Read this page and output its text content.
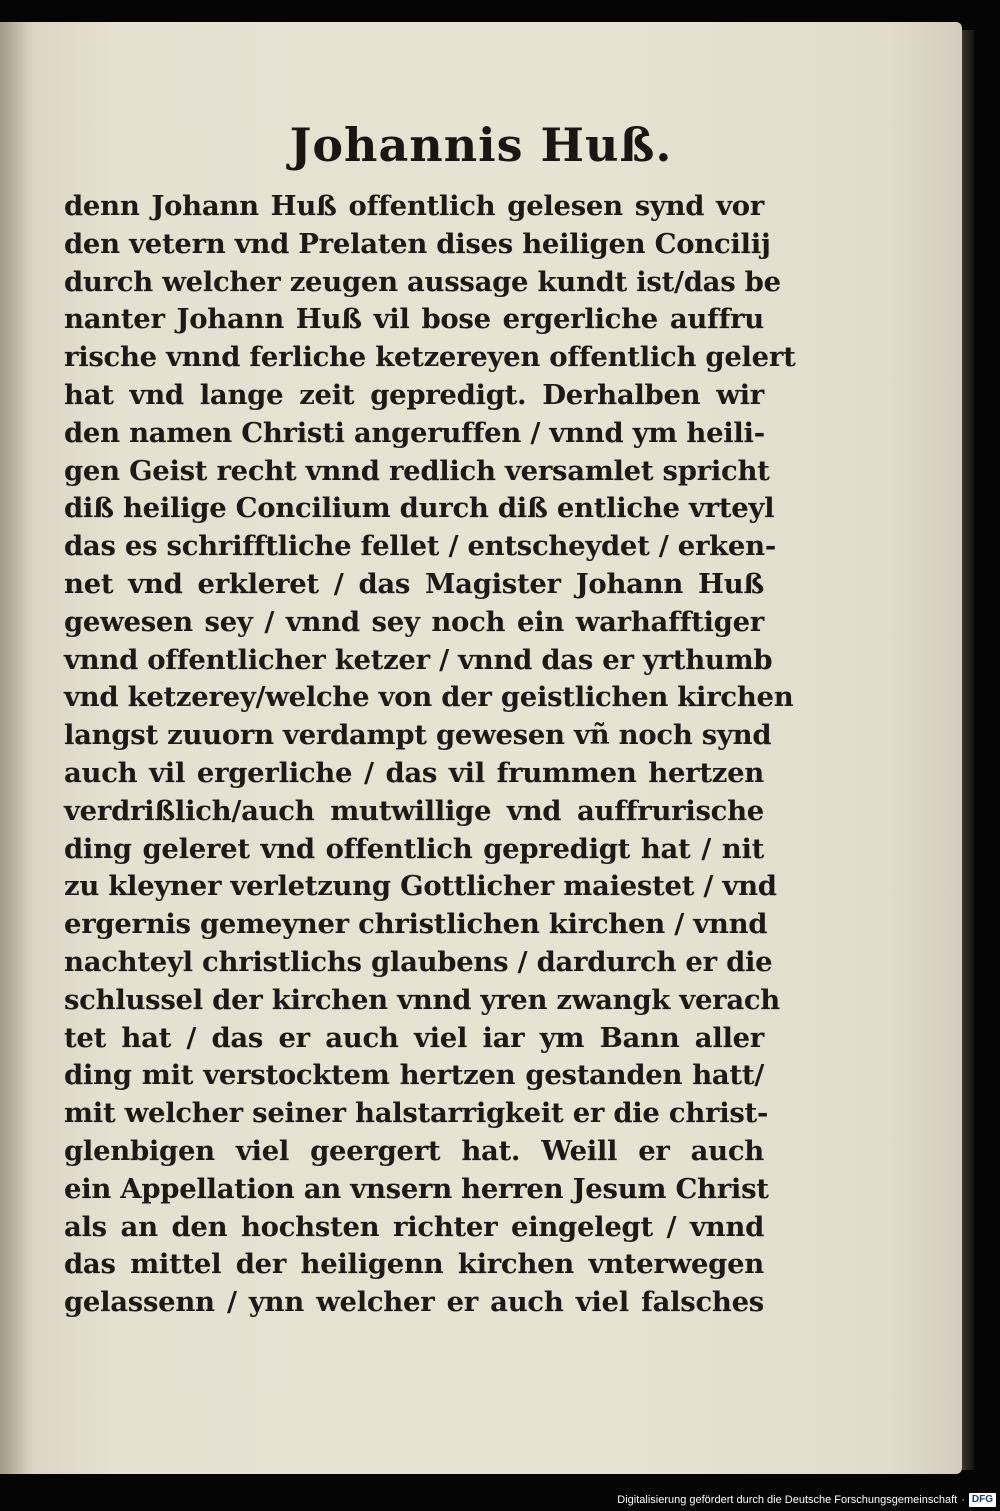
Johannis Huß.
denn Johann Huß offentlich gelesen synd vor
den vetern vnd Prelaten dises heiligen Concilij
durch welcher zeugen aussage kundt ist/das be
nanter Johann Huß vil bose ergerliche auffru
rische vnnd ferliche ketzereyen offentlich gelert
hat vnd lange zeit gepredigt. Derhalben wir
den namen Christi angeruffen / vnnd ym heili‐
gen Geist recht vnnd redlich versamlet spricht
diß heilige Concilium durch diß entliche vrteyl
das es schrifftliche fellet / entscheydet / erken‐
net vnd erkleret / das Magister Johann Huß
gewesen sey / vnnd sey noch ein warhafftiger
vnnd offentlicher ketzer / vnnd das er yrthumb
vnd ketzerey/welche von der geistlichen kirchen
langst zuuorn verdampt gewesen vñ noch synd
auch vil ergerliche / das vil frummen hertzen
verdrißlich/auch mutwillige vnd auffrurische
ding geleret vnd offentlich gepredigt hat / nit
zu kleyner verletzung Gottlicher maiestet / vnd
ergernis gemeyner christlichen kirchen / vnnd
nachteyl christlichs glaubens / dardurch er die
schlussel der kirchen vnnd yren zwangk verach
tet hat / das er auch viel iar ym Bann aller
ding mit verstocktem hertzen gestanden hatt/
mit welcher seiner halstarrigkeit er die christ‐
glenbigen viel geergert hat. Weill er auch
ein Appellation an vnsern herren Jesum Christ
als an den hochsten richter eingelegt / vnnd
das mittel der heiligenn kirchen vnterwegen
gelassenn / ynn welcher er auch viel falsches
Digitalisierung gefördert durch die Deutsche Forschungsgemeinschaft · DFG
